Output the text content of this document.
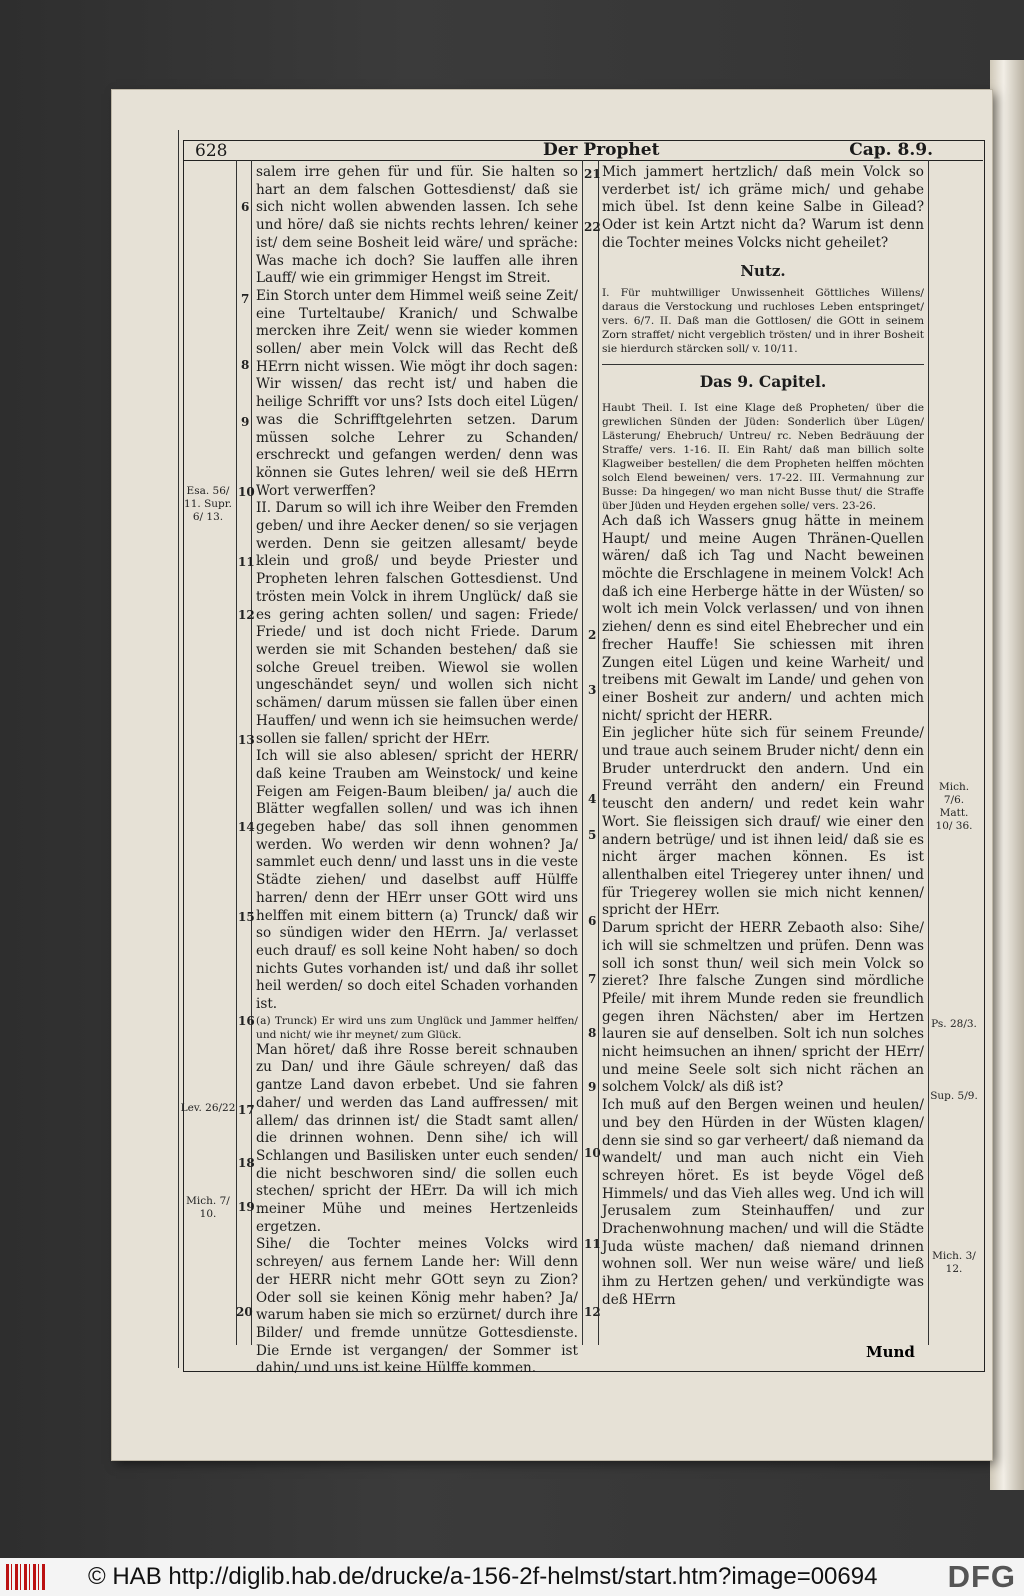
628	Der Prophet	Cap. 8.9.

salem irre gehen für und für. Sie halten so hart an dem falschen Gottesdienst/ daß sie sich nicht wollen abwenden lassen. Ich sehe und höre/ daß sie nichts rechts lehren/ keiner ist/ dem seine Bosheit leid wäre/ und spräche: Was mache ich doch? Sie lauffen alle ihren Lauff/ wie ein grimmiger Hengst im Streit.

Ein Storch unter dem Himmel weiß seine Zeit/ eine Turteltaube/ Kranich/ und Schwalbe mercken ihre Zeit/ wenn sie wieder kommen sollen/ aber mein Volck will das Recht deß HErrn nicht wissen. Wie mögt ihr doch sagen: Wir wissen/ das recht ist/ und haben die heilige Schrifft vor uns? Ists doch eitel Lügen/ was die Schrifftgelehrten setzen. Darum müssen solche Lehrer zu Schanden/ erschreckt und gefangen werden/ denn was können sie Gutes lehren/ weil sie deß HErrn Wort verwerffen?

II. Darum so will ich ihre Weiber den Fremden geben/ und ihre Aecker denen/ so sie verjagen werden. Denn sie geitzen allesamt/ beyde klein und groß/ und beyde Priester und Propheten lehren falschen Gottesdienst. Und trösten mein Volck in ihrem Unglück/ daß sie es gering achten sollen/ und sagen: Friede/ Friede/ und ist doch nicht Friede. Darum werden sie mit Schanden bestehen/ daß sie solche Greuel treiben. Wiewol sie wollen ungeschändet seyn/ und wollen sich nicht schämen/ darum müssen sie fallen über einen Hauffen/ und wenn ich sie heimsuchen werde/ sollen sie fallen/ spricht der HErr.

Ich will sie also ablesen/ spricht der HERR/ daß keine Trauben am Weinstock/ und keine Feigen am Feigen-Baum bleiben/ ja/ auch die Blätter wegfallen sollen/ und was ich ihnen gegeben habe/ das soll ihnen genommen werden. Wo werden wir denn wohnen? Ja/ sammlet euch denn/ und lasst uns in die veste Städte ziehen/ und daselbst auff Hülffe harren/ denn der HErr unser GOtt wird uns helffen mit einem bittern (a) Trunck/ daß wir so sündigen wider den HErrn. Ja/ verlasset euch drauf/ es soll keine Noht haben/ so doch nichts Gutes vorhanden ist/ und daß ihr sollet heil werden/ so doch eitel Schaden vorhanden ist.

(a) Trunck) Er wird uns zum Unglück und Jammer helffen/ und nicht/ wie ihr meynet/ zum Glück.

Man höret/ daß ihre Rosse bereit schnauben zu Dan/ und ihre Gäule schreyen/ daß das gantze Land davon erbebet. Und sie fahren daher/ und werden das Land auffressen/ mit allem/ das drinnen ist/ die Stadt samt allen/ die drinnen wohnen. Denn sihe/ ich will Schlangen und Basilisken unter euch senden/ die nicht beschworen sind/ die sollen euch stechen/ spricht der HErr. Da will ich mich meiner Mühe und meines Hertzenleids ergetzen.

Sihe/ die Tochter meines Volcks wird schreyen/ aus fernem Lande her: Will denn der HERR nicht mehr GOtt seyn zu Zion? Oder soll sie keinen König mehr haben? Ja/ warum haben sie mich so erzürnet/ durch ihre Bilder/ und fremde unnütze Gottesdienste. Die Ernde ist vergangen/ der Sommer ist dahin/ und uns ist keine Hülffe kommen.

Mich jammert hertzlich/ daß mein Volck so verderbet ist/ ich gräme mich/ und gehabe mich übel. Ist denn keine Salbe in Gilead? Oder ist kein Artzt nicht da? Warum ist denn die Tochter meines Volcks nicht geheilet?

Nutz.

I. Für muhtwilliger Unwissenheit Göttliches Willens/ daraus die Verstockung und ruchloses Leben entspringet/ vers. 6/7. II. Daß man die Gottlosen/ die GOtt in seinem Zorn straffet/ nicht vergeblich trösten/ und in ihrer Bosheit sie hierdurch stärcken soll/ v. 10/11.

Das 9. Capitel.

Haubt Theil. I. Ist eine Klage deß Propheten/ über die grewlichen Sünden der Jüden: Sonderlich über Lügen/ Lästerung/ Ehebruch/ Untreu/ rc. Neben Bedräuung der Straffe/ vers. 1-16. II. Ein Raht/ daß man billich solte Klagweiber bestellen/ die dem Propheten helffen möchten solch Elend beweinen/ vers. 17-22. III. Vermahnung zur Busse: Da hingegen/ wo man nicht Busse thut/ die Straffe über Jüden und Heyden ergehen solle/ vers. 23-26.

Ach daß ich Wassers gnug hätte in meinem Haupt/ und meine Augen Thränen-Quellen wären/ daß ich Tag und Nacht beweinen möchte die Erschlagene in meinem Volck! Ach daß ich eine Herberge hätte in der Wüsten/ so wolt ich mein Volck verlassen/ und von ihnen ziehen/ denn es sind eitel Ehebrecher und ein frecher Hauffe! Sie schiessen mit ihren Zungen eitel Lügen und keine Warheit/ und treibens mit Gewalt im Lande/ und gehen von einer Bosheit zur andern/ und achten mich nicht/ spricht der HERR.

Ein jeglicher hüte sich für seinem Freunde/ und traue auch seinem Bruder nicht/ denn ein Bruder unterdruckt den andern. Und ein Freund verräht den andern/ ein Freund teuscht den andern/ und redet kein wahr Wort. Sie fleissigen sich drauf/ wie einer den andern betrüge/ und ist ihnen leid/ daß sie es nicht ärger machen können. Es ist allenthalben eitel Triegerey unter ihnen/ und für Triegerey wollen sie mich nicht kennen/ spricht der HErr.

Darum spricht der HERR Zebaoth also: Sihe/ ich will sie schmeltzen und prüfen. Denn was soll ich sonst thun/ weil sich mein Volck so zieret? Ihre falsche Zungen sind mördliche Pfeile/ mit ihrem Munde reden sie freundlich gegen ihren Nächsten/ aber im Hertzen lauren sie auf denselben. Solt ich nun solches nicht heimsuchen an ihnen/ spricht der HErr/ und meine Seele solt sich nicht rächen an solchem Volck/ als diß ist?

Ich muß auf den Bergen weinen und heulen/ und bey den Hürden in der Wüsten klagen/ denn sie sind so gar verheert/ daß niemand da wandelt/ und man auch nicht ein Vieh schreyen höret. Es ist beyde Vögel deß Himmels/ und das Vieh alles weg. Und ich will Jerusalem zum Steinhauffen/ und zur Drachenwohnung machen/ und will die Städte Juda wüste machen/ daß niemand drinnen wohnen soll. Wer nun weise wäre/ und ließ ihm zu Hertzen gehen/ und verkündigte was deß HErrn

6
7
8
9
10
11
12
13
14
15
16
17
18
19
20
21
22
2
3
4
5
6
7
8
9
10
11
12
Esa. 56/ 11. Supr. 6/ 13.
Lev. 26/22
Mich. 7/ 10.
Mich. 7/6. Matt. 10/ 36.
Ps. 28/3.
Sup. 5/9.
Mich. 3/ 12.
Mund
© HAB http://diglib.hab.de/drucke/a-156-2f-helmst/start.htm?image=00694 DFG
